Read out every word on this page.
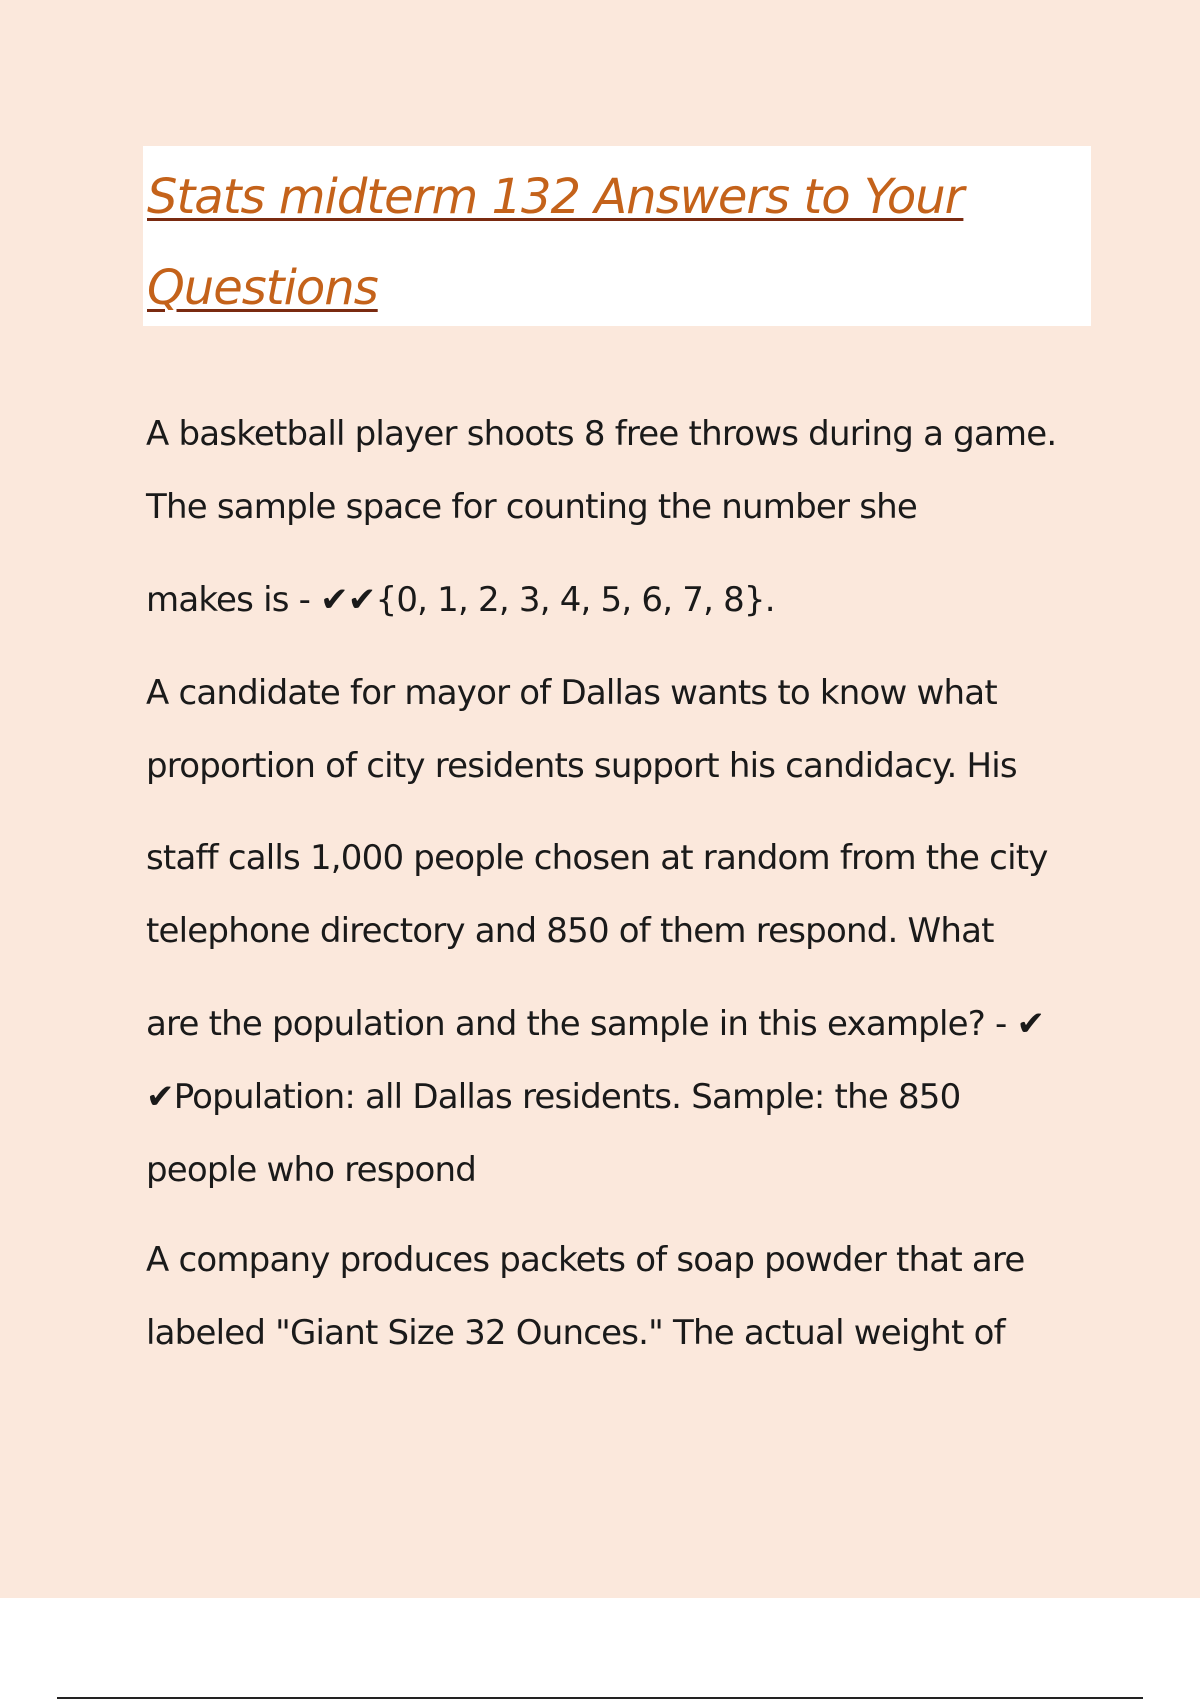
Stats midterm 132 Answers to Your
Questions
A basketball player shoots 8 free throws during a game.
The sample space for counting the number she
makes is - ✔✔{0, 1, 2, 3, 4, 5, 6, 7, 8}.
A candidate for mayor of Dallas wants to know what
proportion of city residents support his candidacy. His
staff calls 1,000 people chosen at random from the city
telephone directory and 850 of them respond. What
are the population and the sample in this example? - ✔
✔Population: all Dallas residents. Sample: the 850
people who respond
A company produces packets of soap powder that are
labeled "Giant Size 32 Ounces." The actual weight of
